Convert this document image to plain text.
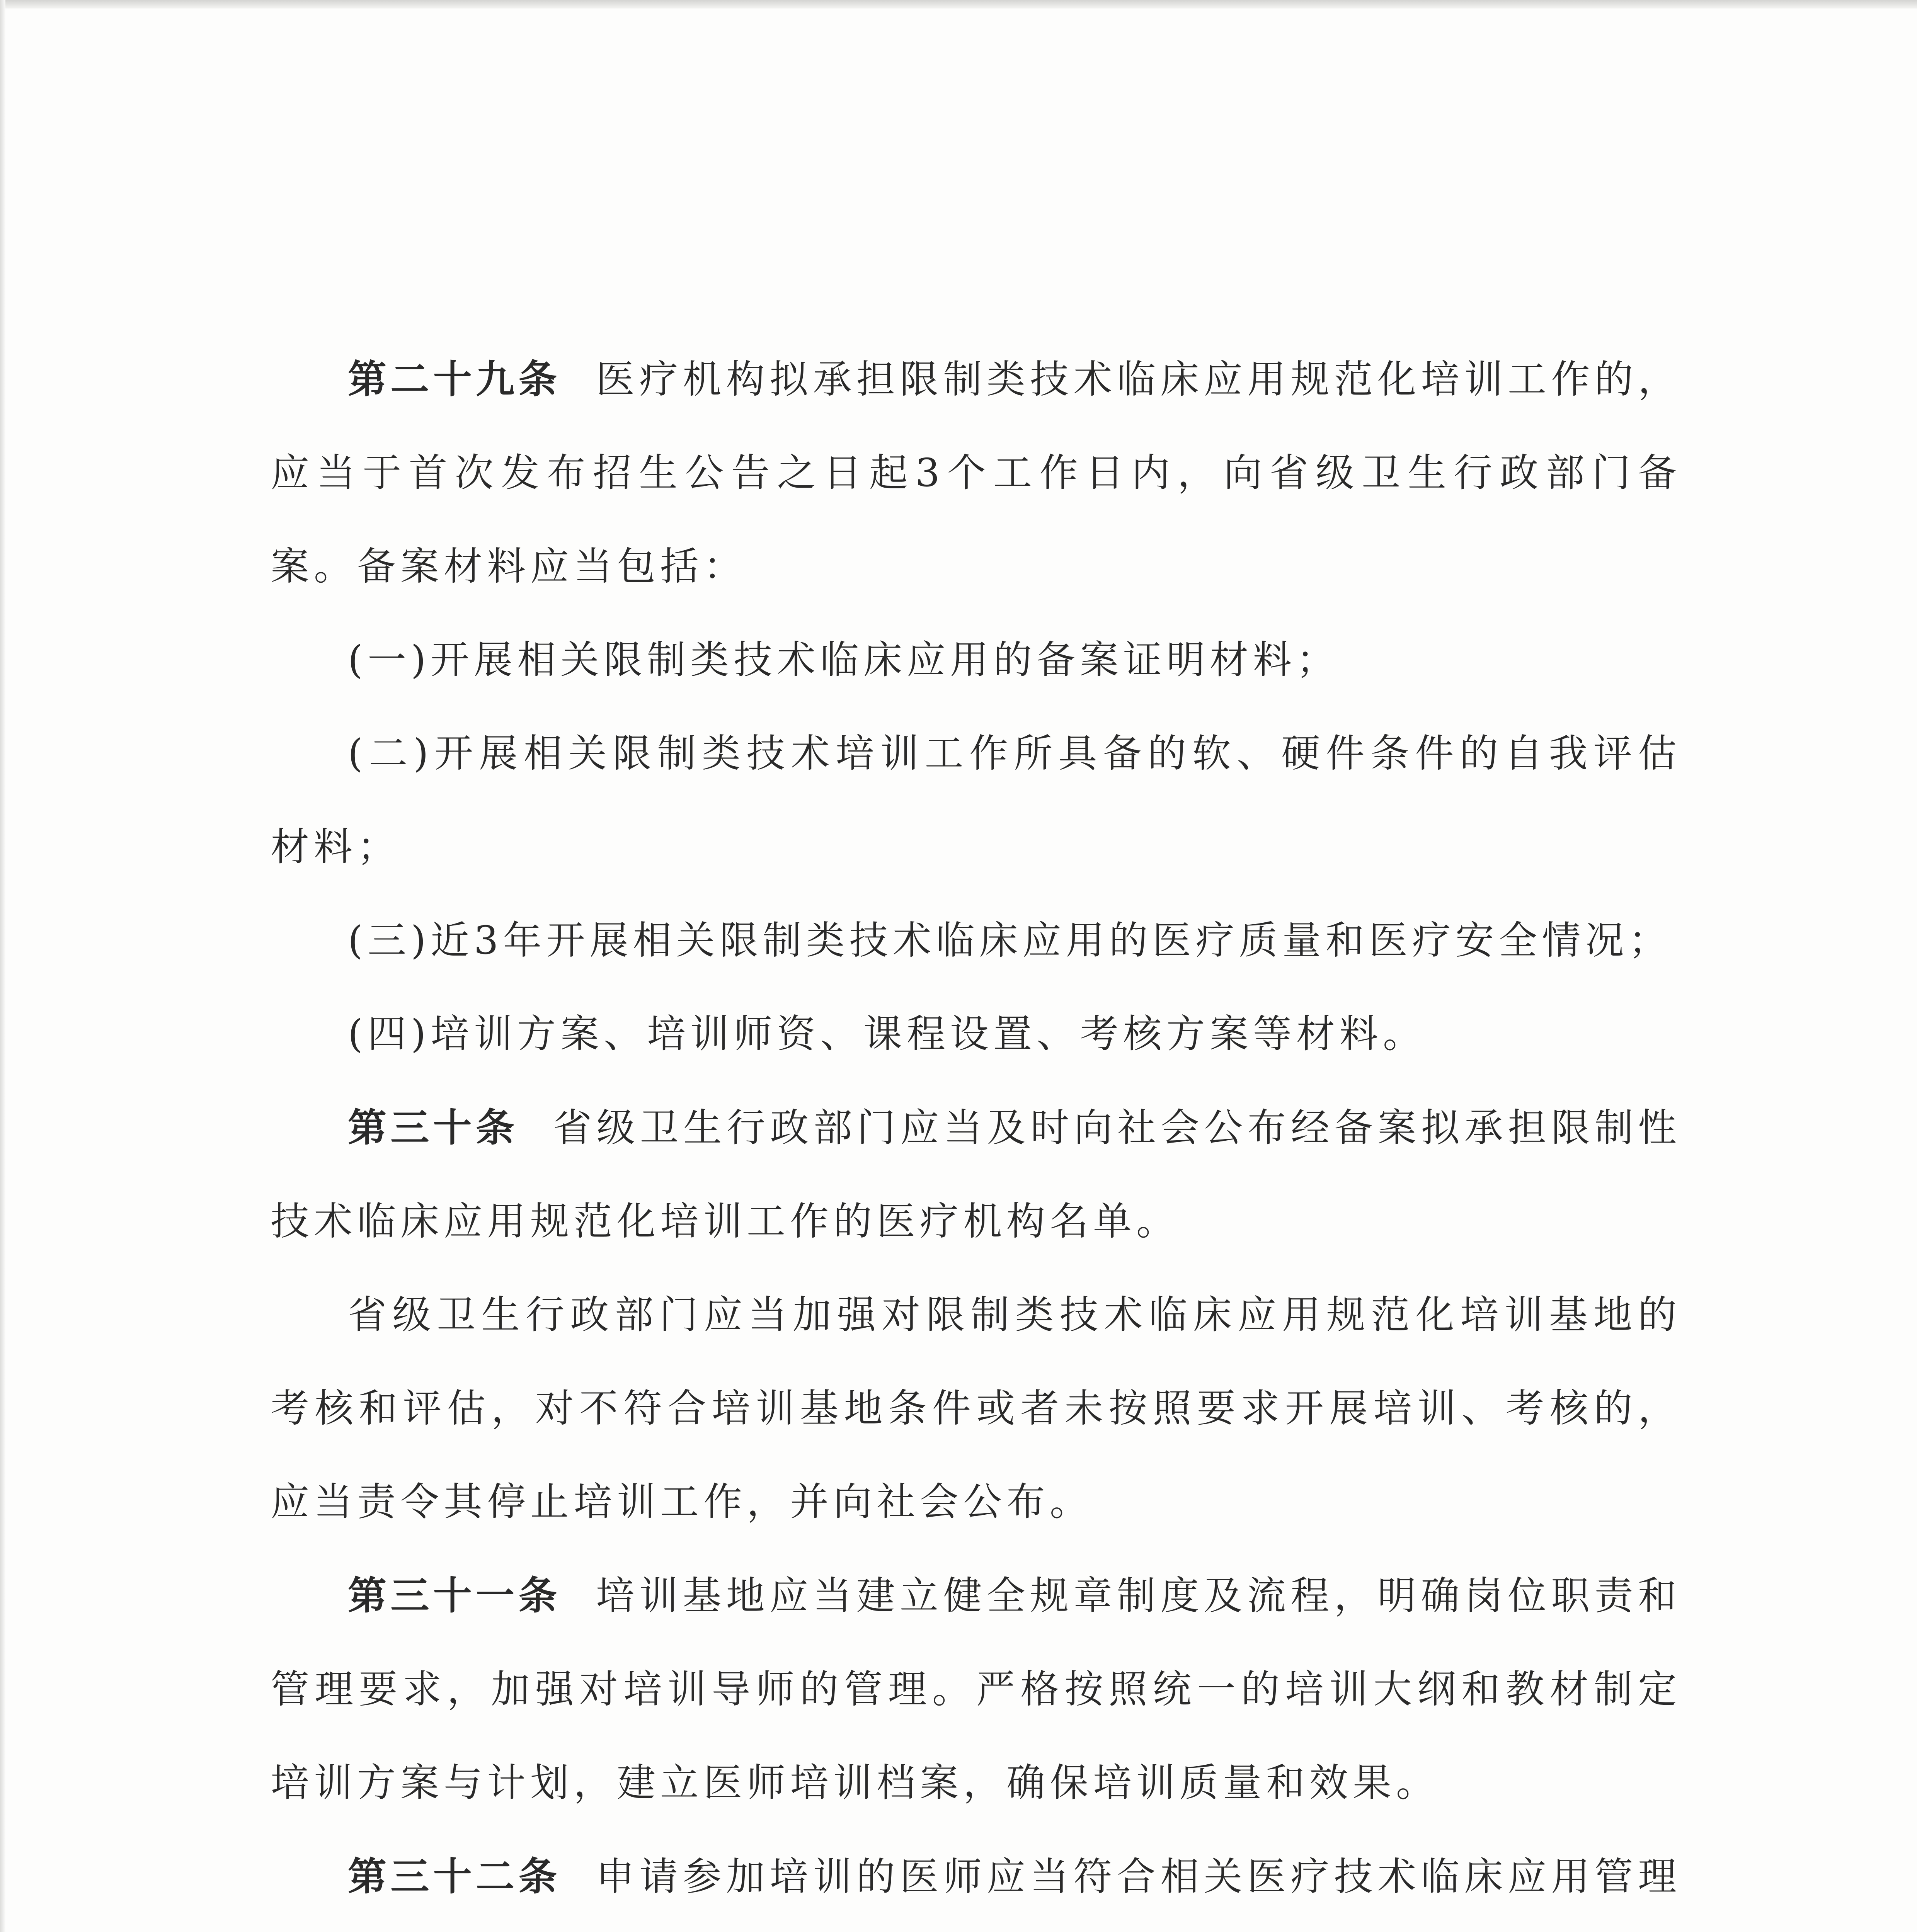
第二十九条 医疗机构拟承担限制类技术临床应用规范化培训工作的，应当于首次发布招生公告之日起3个工作日内，向省级卫生行政部门备案。备案材料应当包括：

(一)开展相关限制类技术临床应用的备案证明材料；

(二)开展相关限制类技术培训工作所具备的软、硬件条件的自我评估材料；

(三)近3年开展相关限制类技术临床应用的医疗质量和医疗安全情况；

(四)培训方案、培训师资、课程设置、考核方案等材料。

第三十条 省级卫生行政部门应当及时向社会公布经备案拟承担限制性技术临床应用规范化培训工作的医疗机构名单。

省级卫生行政部门应当加强对限制类技术临床应用规范化培训基地的考核和评估，对不符合培训基地条件或者未按照要求开展培训、考核的，应当责令其停止培训工作，并向社会公布。

第三十一条 培训基地应当建立健全规章制度及流程，明确岗位职责和管理要求，加强对培训导师的管理。严格按照统一的培训大纲和教材制定培训方案与计划，建立医师培训档案，确保培训质量和效果。

第三十二条 申请参加培训的医师应当符合相关医疗技术临床应用管理
